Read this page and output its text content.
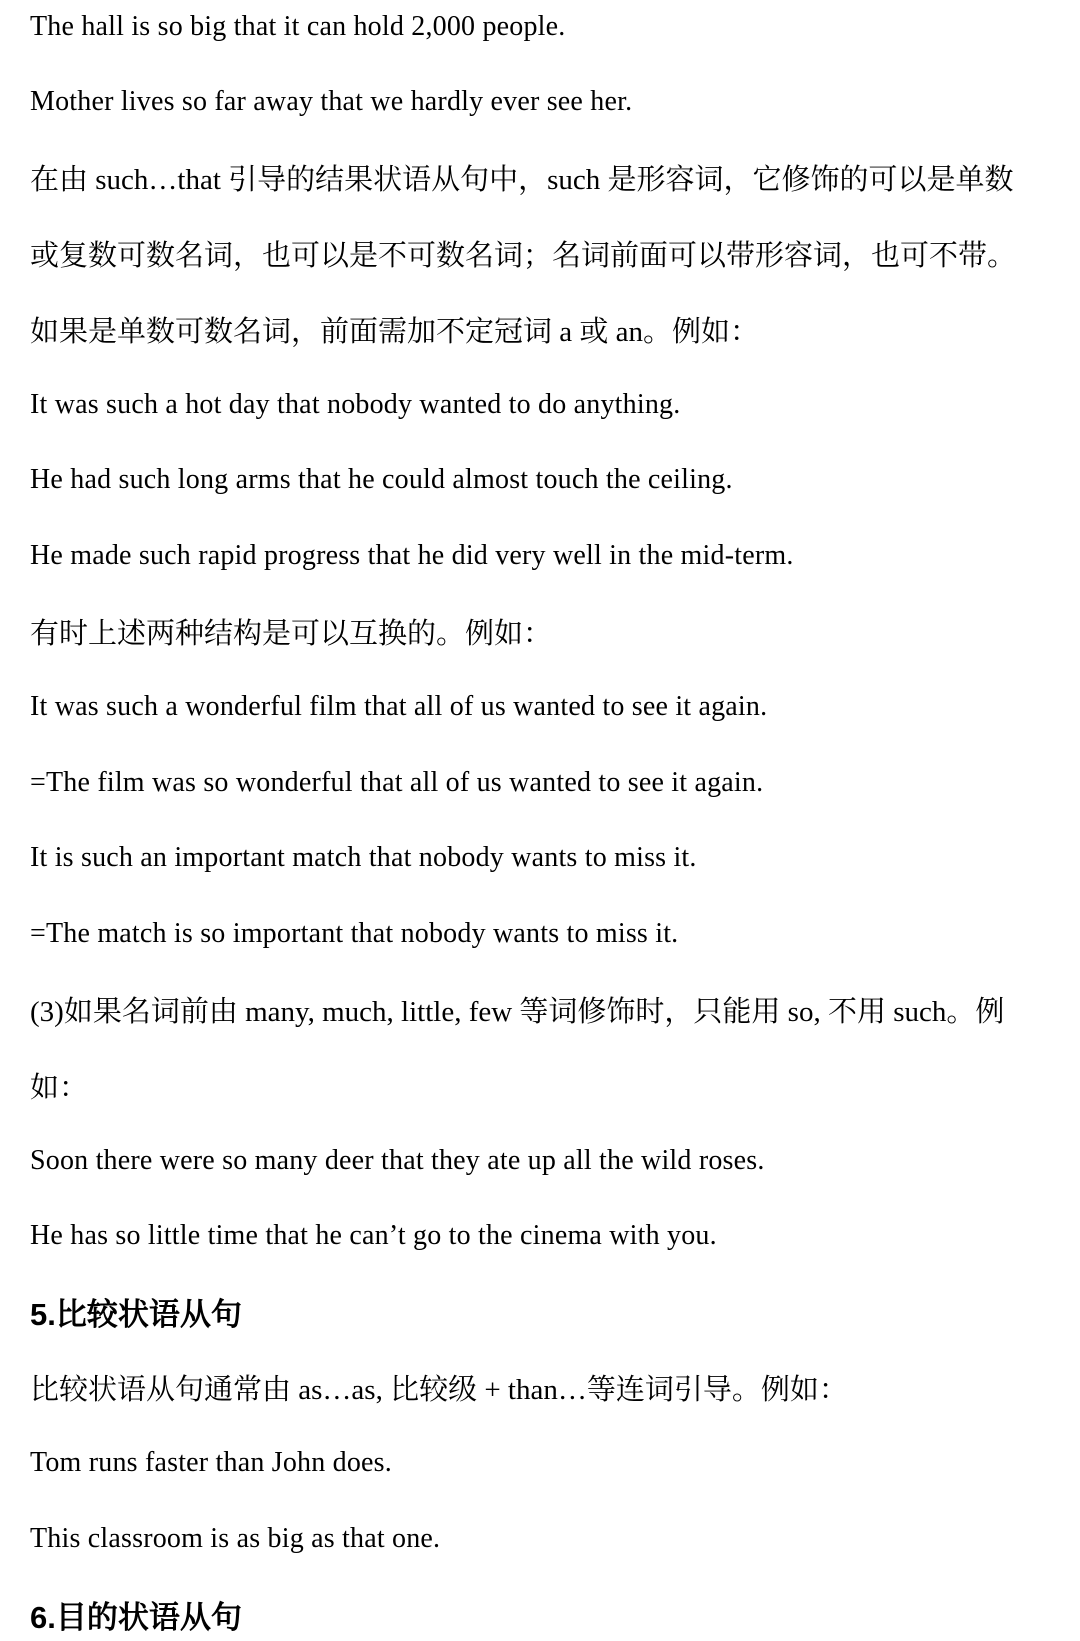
The hall is so big that it can hold 2,000 people.

Mother lives so far away that we hardly ever see her.

在由 such…that 引导的结果状语从句中，such 是形容词，它修饰的可以是单数

或复数可数名词，也可以是不可数名词；名词前面可以带形容词，也可不带。

如果是单数可数名词，前面需加不定冠词 a 或 an。例如：

It was such a hot day that nobody wanted to do anything.

He had such long arms that he could almost touch the ceiling.

He made such rapid progress that he did very well in the mid-term.

有时上述两种结构是可以互换的。例如：

It was such a wonderful film that all of us wanted to see it again.

=The film was so wonderful that all of us wanted to see it again.

It is such an important match that nobody wants to miss it.

=The match is so important that nobody wants to miss it.

(3)如果名词前由 many, much, little, few 等词修饰时，只能用 so, 不用 such。例

如：

Soon there were so many deer that they ate up all the wild roses.

He has so little time that he can’t go to the cinema with you.

5.比较状语从句

比较状语从句通常由 as…as, 比较级 + than…等连词引导。例如：

Tom runs faster than John does.

This classroom is as big as that one.

6.目的状语从句
